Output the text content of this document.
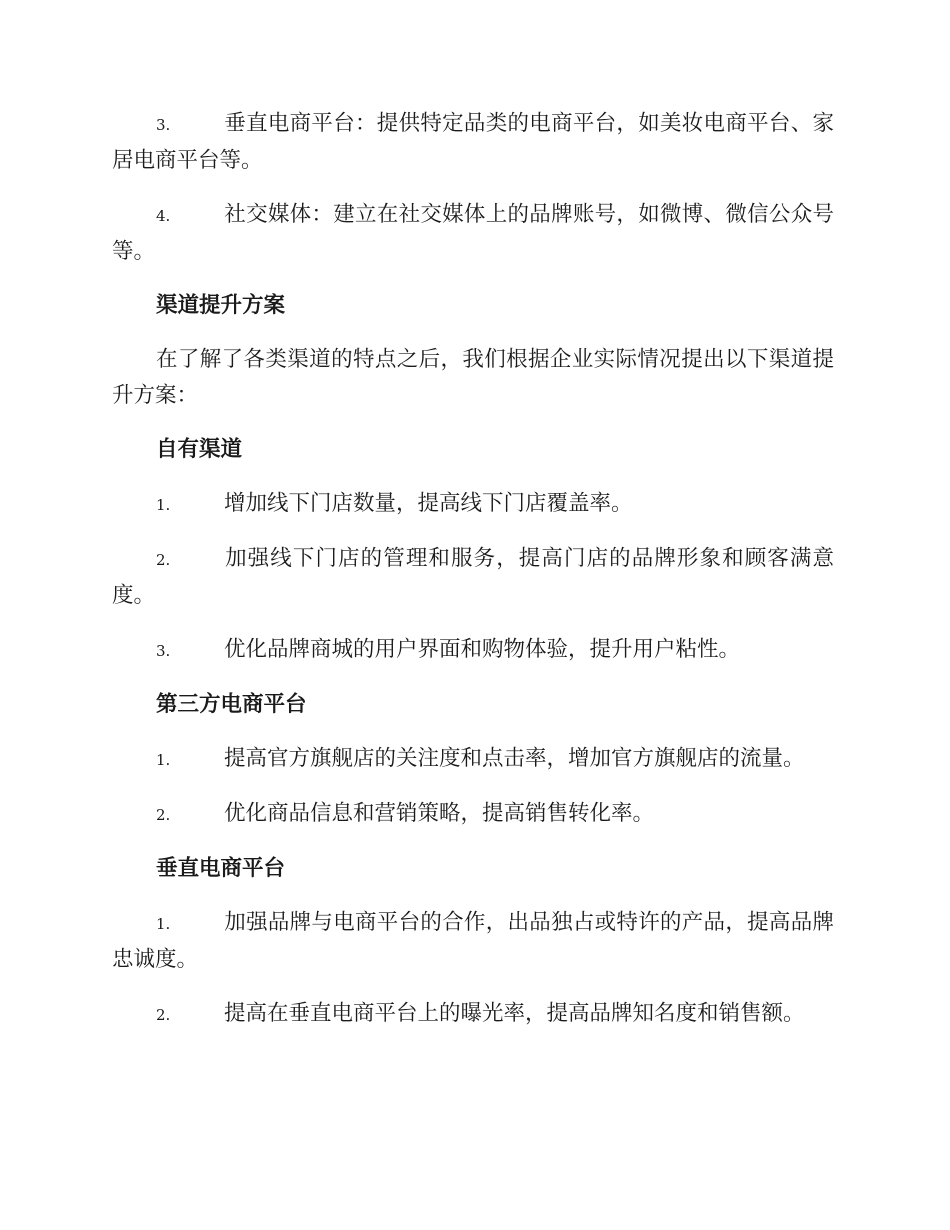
3. 垂直电商平台：提供特定品类的电商平台，如美妆电商平台、家居电商平台等。

4. 社交媒体：建立在社交媒体上的品牌账号，如微博、微信公众号等。

渠道提升方案

在了解了各类渠道的特点之后，我们根据企业实际情况提出以下渠道提升方案：

自有渠道

1. 增加线下门店数量，提高线下门店覆盖率。

2. 加强线下门店的管理和服务，提高门店的品牌形象和顾客满意度。

3. 优化品牌商城的用户界面和购物体验，提升用户粘性。

第三方电商平台

1. 提高官方旗舰店的关注度和点击率，增加官方旗舰店的流量。

2. 优化商品信息和营销策略，提高销售转化率。

垂直电商平台

1. 加强品牌与电商平台的合作，出品独占或特许的产品，提高品牌忠诚度。

2. 提高在垂直电商平台上的曝光率，提高品牌知名度和销售额。
